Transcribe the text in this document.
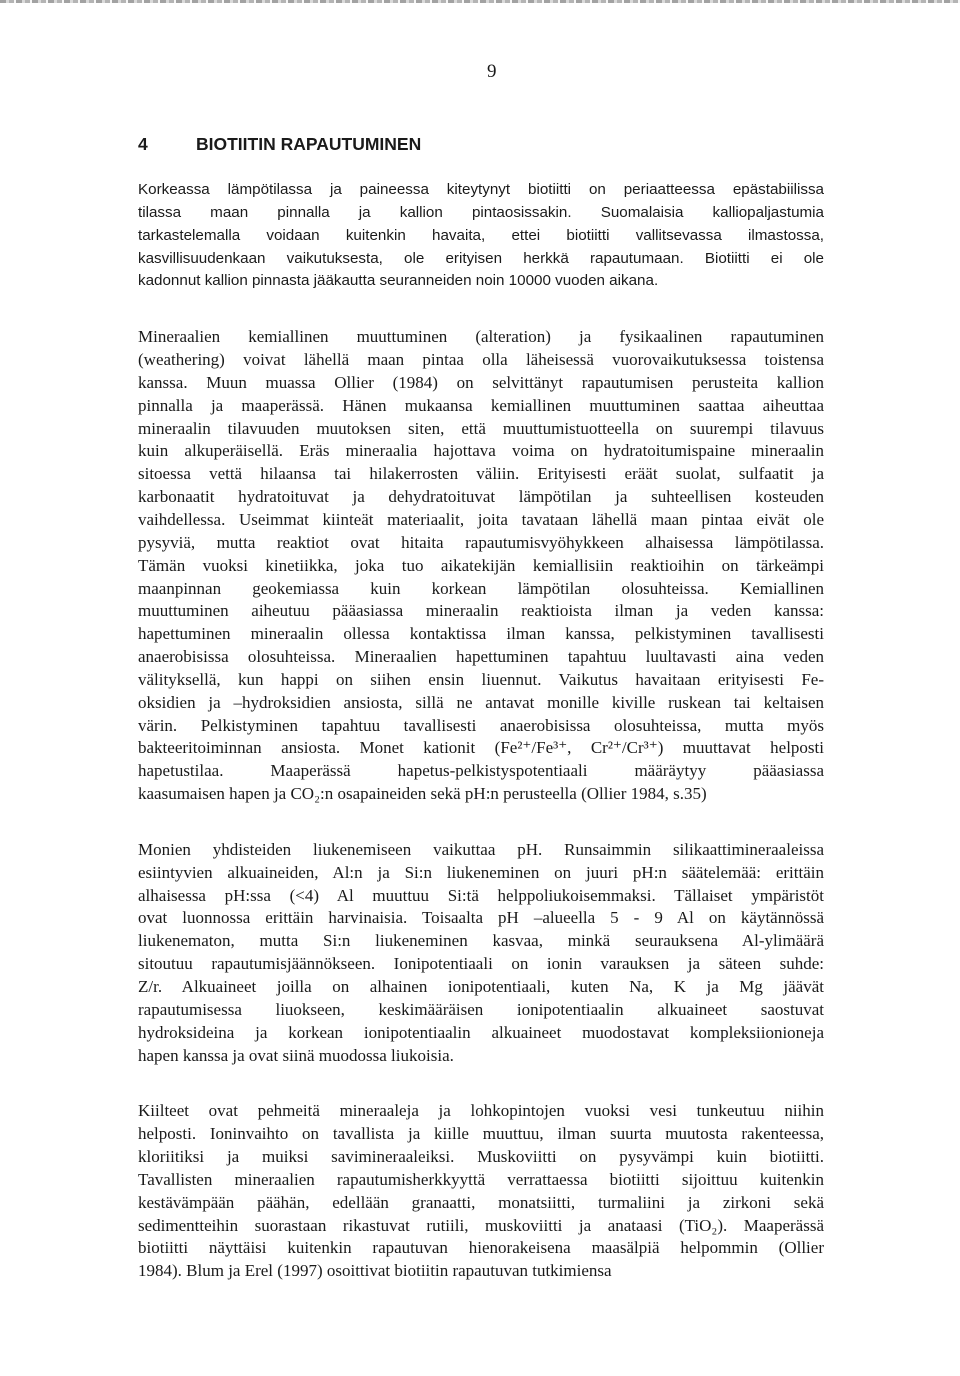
9
4	BIOTIITIN RAPAUTUMINEN
Korkeassa lämpötilassa ja paineessa kiteytynyt biotiitti on periaatteessa epästabiilissa
tilassa maan pinnalla ja kallion pintaosissakin. Suomalaisia kalliopaljastumia
tarkastelemalla voidaan kuitenkin havaita, ettei biotiitti vallitsevassa ilmastossa,
kasvillisuudenkaan vaikutuksesta, ole erityisen herkkä rapautumaan. Biotiitti ei ole
kadonnut kallion pinnasta jääkautta seuranneiden noin 10000 vuoden aikana.
Mineraalien kemiallinen muuttuminen (alteration) ja fysikaalinen rapautuminen
(weathering) voivat lähellä maan pintaa olla läheisessä vuorovaikutuksessa toistensa
kanssa. Muun muassa Ollier (1984) on selvittänyt rapautumisen perusteita kallion
pinnalla ja maaperässä. Hänen mukaansa kemiallinen muuttuminen saattaa aiheuttaa
mineraalin tilavuuden muutoksen siten, että muuttumistuotteella on suurempi tilavuus
kuin alkuperäisellä. Eräs mineraalia hajottava voima on hydratoitumispaine mineraalin
sitoessa vettä hilaansa tai hilakerrosten väliin. Erityisesti eräät suolat, sulfaatit ja
karbonaatit hydratoituvat ja dehydratoituvat lämpötilan ja suhteellisen kosteuden
vaihdellessa. Useimmat kiinteät materiaalit, joita tavataan lähellä maan pintaa eivät ole
pysyviä, mutta reaktiot ovat hitaita rapautumisvyöhykkeen alhaisessa lämpötilassa.
Tämän vuoksi kinetiikka, joka tuo aikatekijän kemiallisiin reaktioihin on tärkeämpi
maanpinnan geokemiassa kuin korkean lämpötilan olosuhteissa. Kemiallinen
muuttuminen aiheutuu pääasiassa mineraalin reaktioista ilman ja veden kanssa:
hapettuminen mineraalin ollessa kontaktissa ilman kanssa, pelkistyminen tavallisesti
anaerobisissa olosuhteissa. Mineraalien hapettuminen tapahtuu luultavasti aina veden
välityksellä, kun happi on siihen ensin liuennut. Vaikutus havaitaan erityisesti Fe-
oksidien ja –hydroksidien ansiosta, sillä ne antavat monille kiville ruskean tai keltaisen
värin. Pelkistyminen tapahtuu tavallisesti anaerobisissa olosuhteissa, mutta myös
bakteeritoiminnan ansiosta. Monet kationit (Fe²⁺/Fe³⁺, Cr²⁺/Cr³⁺) muuttavat helposti
hapetustilaa. Maaperässä hapetus-pelkistyspotentiaali määräytyy pääasiassa
kaasumaisen hapen ja CO₂:n osapaineiden sekä pH:n perusteella (Ollier 1984, s.35)
Monien yhdisteiden liukenemiseen vaikuttaa pH. Runsaimmin silikaattimineraaleissa
esiintyvien alkuaineiden, Al:n ja Si:n liukeneminen on juuri pH:n säätelemää: erittäin
alhaisessa pH:ssa (<4) Al muuttuu Si:tä helppoliukoisemmaksi. Tällaiset ympäristöt
ovat luonnossa erittäin harvinaisia. Toisaalta pH –alueella 5 - 9 Al on käytännössä
liukenematon, mutta Si:n liukeneminen kasvaa, minkä seurauksena Al-ylimäärä
sitoutuu rapautumisjäännökseen. Ionipotentiaali on ionin varauksen ja säteen suhde:
Z/r. Alkuaineet joilla on alhainen ionipotentiaali, kuten Na, K ja Mg jäävät
rapautumisessa liuokseen, keskimääräisen ionipotentiaalin alkuaineet saostuvat
hydroksideina ja korkean ionipotentiaalin alkuaineet muodostavat kompleksiionioneja
hapen kanssa ja ovat siinä muodossa liukoisia.
Kiilteet ovat pehmeitä mineraaleja ja lohkopintojen vuoksi vesi tunkeutuu niihin
helposti. Ioninvaihto on tavallista ja kiille muuttuu, ilman suurta muutosta rakenteessa,
kloriitiksi ja muiksi savimineraaleiksi. Muskoviitti on pysyvämpi kuin biotiitti.
Tavallisten mineraalien rapautumisherkkyyttä verrattaessa biotiitti sijoittuu kuitenkin
kestävämpään päähän, edellään granaatti, monatsiitti, turmaliini ja zirkoni sekä
sedimentteihin suorastaan rikastuvat rutiili, muskoviitti ja anataasi (TiO₂). Maaperässä
biotiitti näyttäisi kuitenkin rapautuvan hienorakeisena maasälpiä helpommin (Ollier
1984). Blum ja Erel (1997) osoittivat biotiitin rapautuvan tutkimiensa
